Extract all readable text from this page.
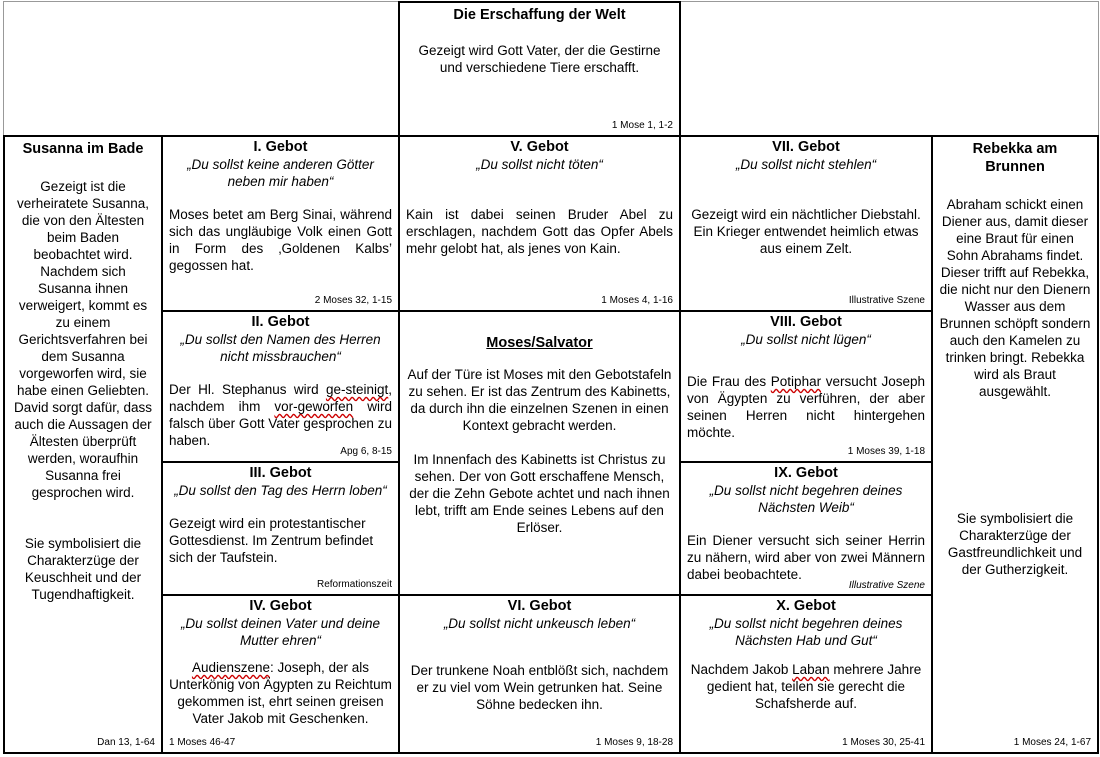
Die Erschaffung der Welt
Gezeigt wird Gott Vater, der die Gestirne und verschiedene Tiere erschafft.
1 Mose 1, 1-2
Susanna im Bade
Gezeigt ist die verheiratete Susanna, die von den Ältesten beim Baden beobachtet wird. Nachdem sich Susanna ihnen verweigert, kommt es zu einem Gerichtsverfahren bei dem Susanna vorgeworfen wird, sie habe einen Geliebten. David sorgt dafür, dass auch die Aussagen der Ältesten überprüft werden, woraufhin Susanna frei gesprochen wird.
Sie symbolisiert die Charakterzüge der Keuschheit und der Tugendhaftigkeit.
Dan 13, 1-64
Rebekka am Brunnen
Abraham schickt einen Diener aus, damit dieser eine Braut für einen Sohn Abrahams findet. Dieser trifft auf Rebekka, die nicht nur den Dienern Wasser aus dem Brunnen schöpft sondern auch den Kamelen zu trinken bringt. Rebekka wird als Braut ausgewählt.
Sie symbolisiert die Charakterzüge der Gastfreundlichkeit und der Gutherzigkeit.
1 Moses 24, 1-67
I. Gebot
„Du sollst keine anderen Götter neben mir haben“
Moses betet am Berg Sinai, während sich das ungläubige Volk einen Gott in Form des ‚Goldenen Kalbs’ gegossen hat.
2 Moses 32, 1-15
II. Gebot
„Du sollst den Namen des Herren nicht missbrauchen“
Der Hl. Stephanus wird ge-steinigt, nachdem ihm vor-geworfen wird falsch über Gott Vater gesprochen zu haben.
Apg 6, 8-15
III. Gebot
„Du sollst den Tag des Herrn loben“
Gezeigt wird ein protestantischer Gottesdienst. Im Zentrum befindet sich der Taufstein.
Reformationszeit
IV. Gebot
„Du sollst deinen Vater und deine Mutter ehren“
Audienszene: Joseph, der als Unterkönig von Ägypten zu Reichtum gekommen ist, ehrt seinen greisen Vater Jakob mit Geschenken.
1 Moses 46-47
V. Gebot
„Du sollst nicht töten“
Kain ist dabei seinen Bruder Abel zu erschlagen, nachdem Gott das Opfer Abels mehr gelobt hat, als jenes von Kain.
1 Moses 4, 1-16
Moses/Salvator
Auf der Türe ist Moses mit den Gebotstafeln zu sehen. Er ist das Zentrum des Kabinetts, da durch ihn die einzelnen Szenen in einen Kontext gebracht werden.
Im Innenfach des Kabinetts ist Christus zu sehen. Der von Gott erschaffene Mensch, der die Zehn Gebote achtet und nach ihnen lebt, trifft am Ende seines Lebens auf den Erlöser.
VI. Gebot
„Du sollst nicht unkeusch leben“
Der trunkene Noah entblößt sich, nachdem er zu viel vom Wein getrunken hat. Seine Söhne bedecken ihn.
1 Moses 9, 18-28
VII. Gebot
„Du sollst nicht stehlen“
Gezeigt wird ein nächtlicher Diebstahl. Ein Krieger entwendet heimlich etwas aus einem Zelt.
Illustrative Szene
VIII. Gebot
„Du sollst nicht lügen“
Die Frau des Potiphar versucht Joseph von Ägypten zu verführen, der aber seinen Herren nicht hintergehen möchte.
1 Moses 39, 1-18
IX. Gebot
„Du sollst nicht begehren deines Nächsten Weib“
Ein Diener versucht sich seiner Herrin zu nähern, wird aber von zwei Männern dabei beobachtete.
Illustrative Szene
X. Gebot
„Du sollst nicht begehren deines Nächsten Hab und Gut“
Nachdem Jakob Laban mehrere Jahre gedient hat, teilen sie gerecht die Schafsherde auf.
1 Moses 30, 25-41
